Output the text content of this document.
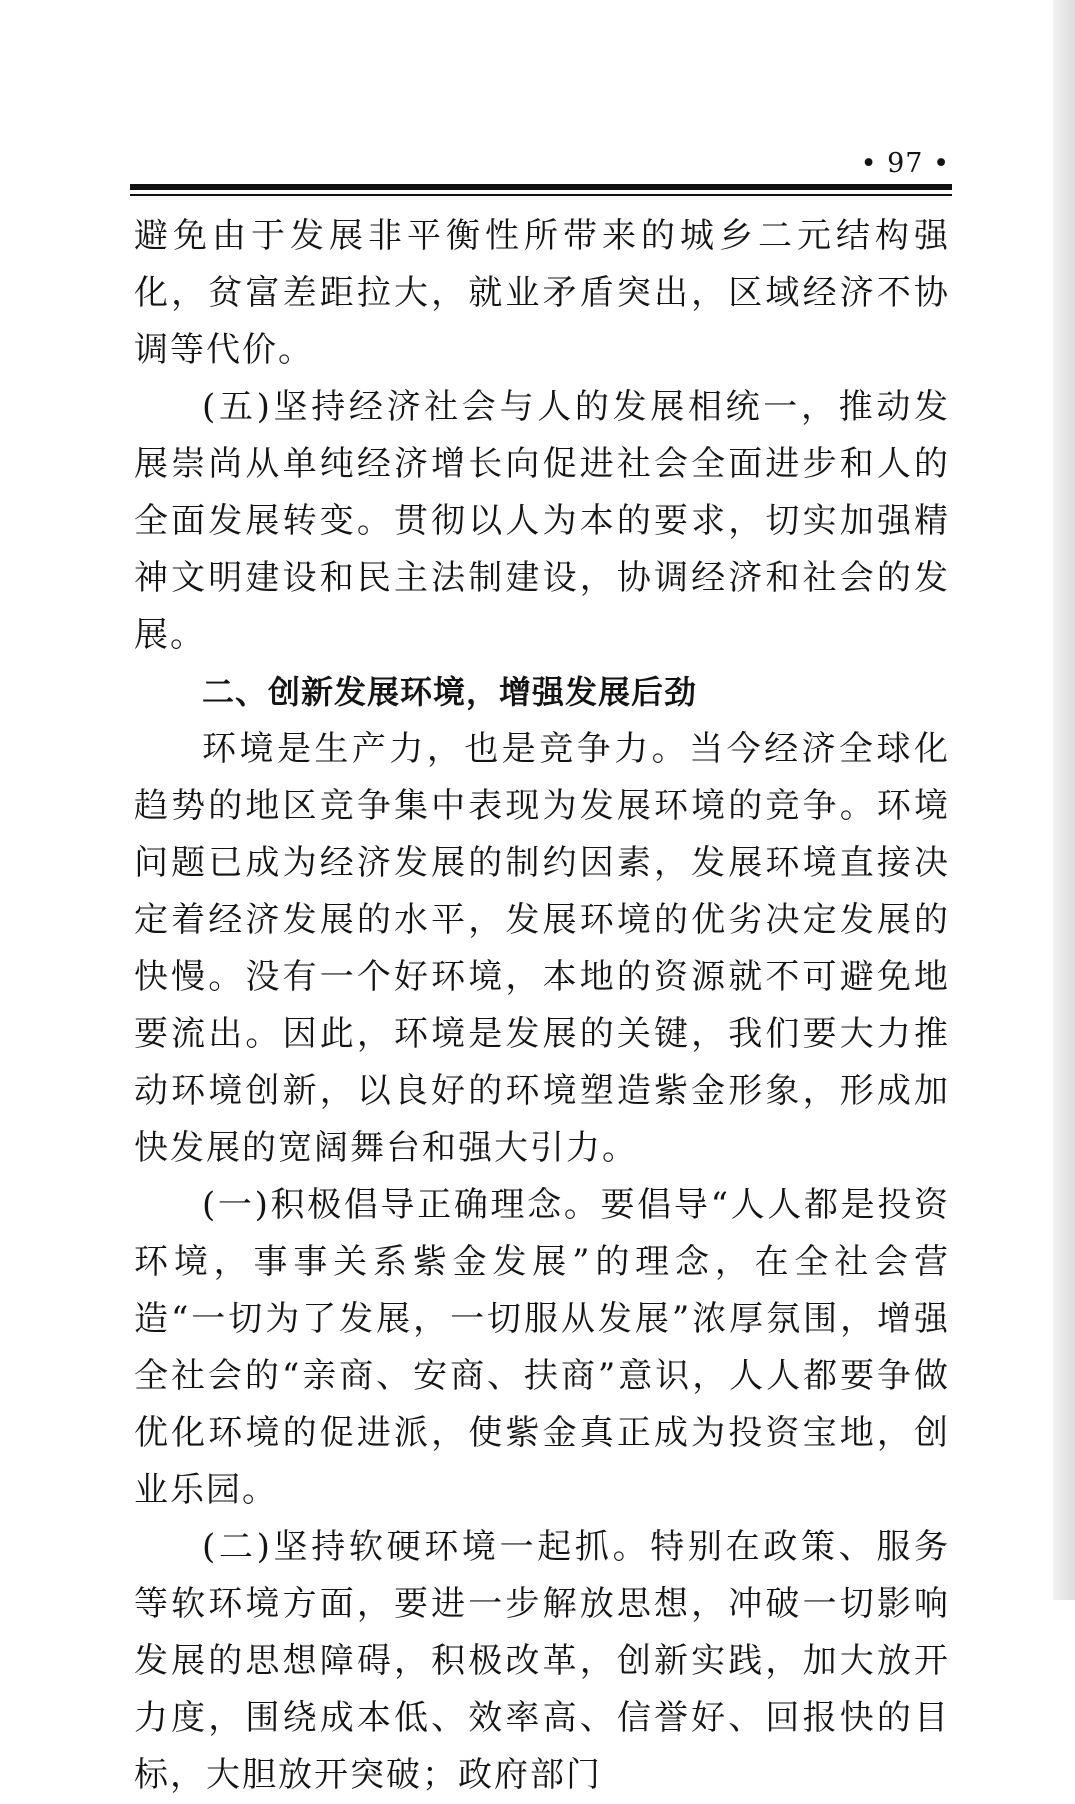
• 97 •

避免由于发展非平衡性所带来的城乡二元结构强化，贫富差距拉大，就业矛盾突出，区域经济不协调等代价。

(五)坚持经济社会与人的发展相统一，推动发展崇尚从单纯经济增长向促进社会全面进步和人的全面发展转变。贯彻以人为本的要求，切实加强精神文明建设和民主法制建设，协调经济和社会的发展。

二、创新发展环境，增强发展后劲

环境是生产力，也是竞争力。当今经济全球化趋势的地区竞争集中表现为发展环境的竞争。环境问题已成为经济发展的制约因素，发展环境直接决定着经济发展的水平，发展环境的优劣决定发展的快慢。没有一个好环境，本地的资源就不可避免地要流出。因此，环境是发展的关键，我们要大力推动环境创新，以良好的环境塑造紫金形象，形成加快发展的宽阔舞台和强大引力。

(一)积极倡导正确理念。要倡导“人人都是投资环境，事事关系紫金发展”的理念，在全社会营造“一切为了发展，一切服从发展”浓厚氛围，增强全社会的“亲商、安商、扶商”意识，人人都要争做优化环境的促进派，使紫金真正成为投资宝地，创业乐园。

(二)坚持软硬环境一起抓。特别在政策、服务等软环境方面，要进一步解放思想，冲破一切影响发展的思想障碍，积极改革，创新实践，加大放开力度，围绕成本低、效率高、信誉好、回报快的目标，大胆放开突破；政府部门
